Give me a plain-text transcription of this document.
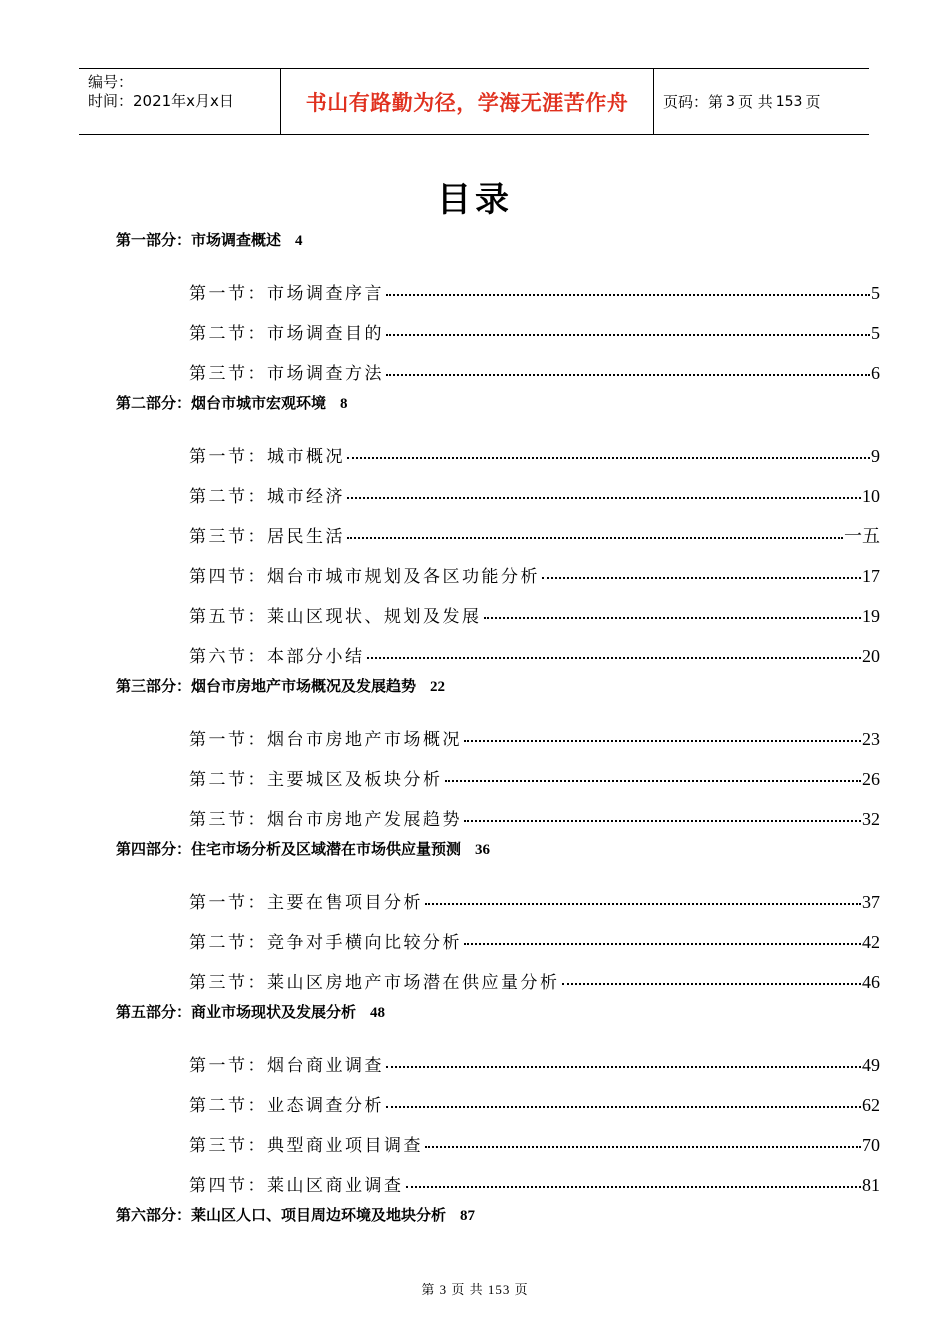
编号：
时间：2021年x月x日	书山有路勤为径，学海无涯苦作舟	页码：第 3 页 共 153 页
目录
第一部分：市场调查概述 4
第一节：市场调查序言	5
第二节：市场调查目的	5
第三节：市场调查方法	6
第二部分：烟台市城市宏观环境 8
第一节：城市概况	9
第二节：城市经济	10
第三节：居民生活	一五
第四节：烟台市城市规划及各区功能分析	17
第五节：莱山区现状、规划及发展	19
第六节：本部分小结	20
第三部分：烟台市房地产市场概况及发展趋势 22
第一节：烟台市房地产市场概况	23
第二节：主要城区及板块分析	26
第三节：烟台市房地产发展趋势	32
第四部分：住宅市场分析及区域潜在市场供应量预测 36
第一节：主要在售项目分析	37
第二节：竞争对手横向比较分析	42
第三节：莱山区房地产市场潜在供应量分析	46
第五部分：商业市场现状及发展分析 48
第一节：烟台商业调查	49
第二节：业态调查分析	62
第三节：典型商业项目调查	70
第四节：莱山区商业调查	81
第六部分：莱山区人口、项目周边环境及地块分析 87
第 3 页 共 153 页
